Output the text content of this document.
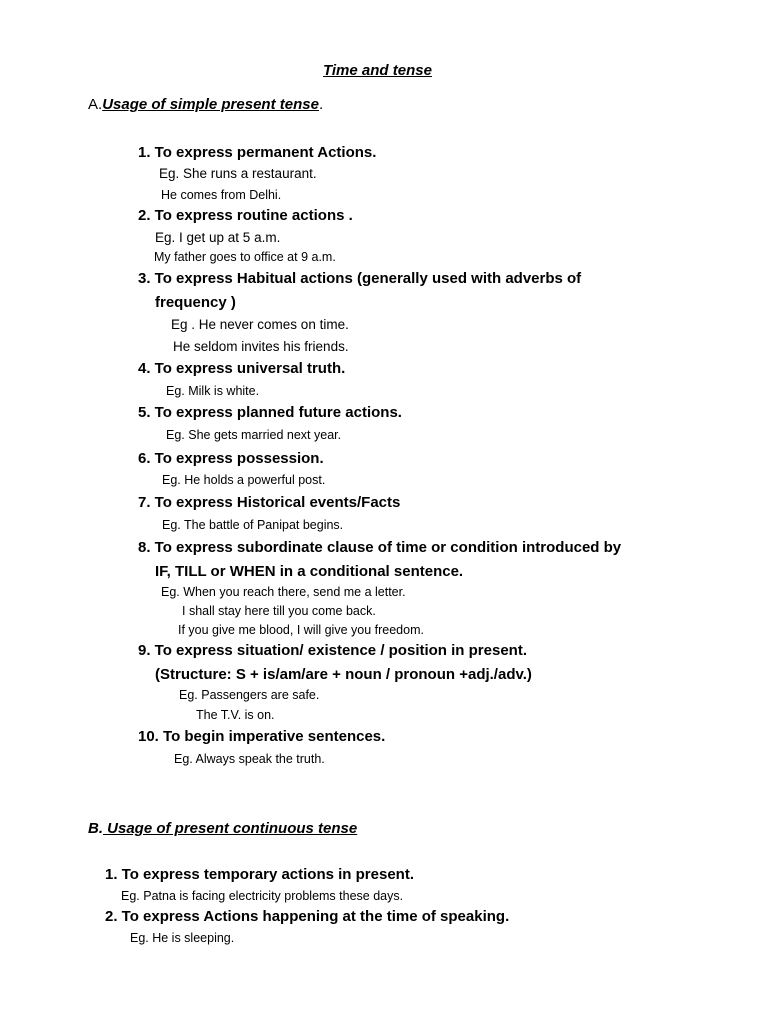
Time and tense
A.Usage of simple present tense.
1. To express permanent Actions.
Eg. She runs a restaurant.
He comes from Delhi.
2. To express routine actions .
Eg. I get up at 5 a.m.
My father goes to office at 9 a.m.
3. To express Habitual actions (generally used with adverbs of
frequency )
Eg . He never comes on time.
He seldom invites his friends.
4. To express universal truth.
Eg. Milk is white.
5. To express planned future actions.
Eg. She gets married next year.
6. To express possession.
Eg. He holds a powerful post.
7. To express Historical events/Facts
Eg. The battle of Panipat begins.
8. To express subordinate clause of time or condition introduced by
IF, TILL or WHEN in a conditional sentence.
Eg. When you reach there, send me a letter.
I shall stay here till you come back.
If you give me blood, I will give you freedom.
9. To express situation/ existence / position in present.
(Structure: S + is/am/are + noun / pronoun +adj./adv.)
Eg. Passengers are safe.
The T.V. is on.
10. To begin imperative sentences.
Eg. Always speak the truth.
B. Usage of present continuous tense
1. To express temporary actions in present.
Eg. Patna is facing electricity problems these days.
2. To express Actions happening at the time of speaking.
Eg. He is sleeping.
